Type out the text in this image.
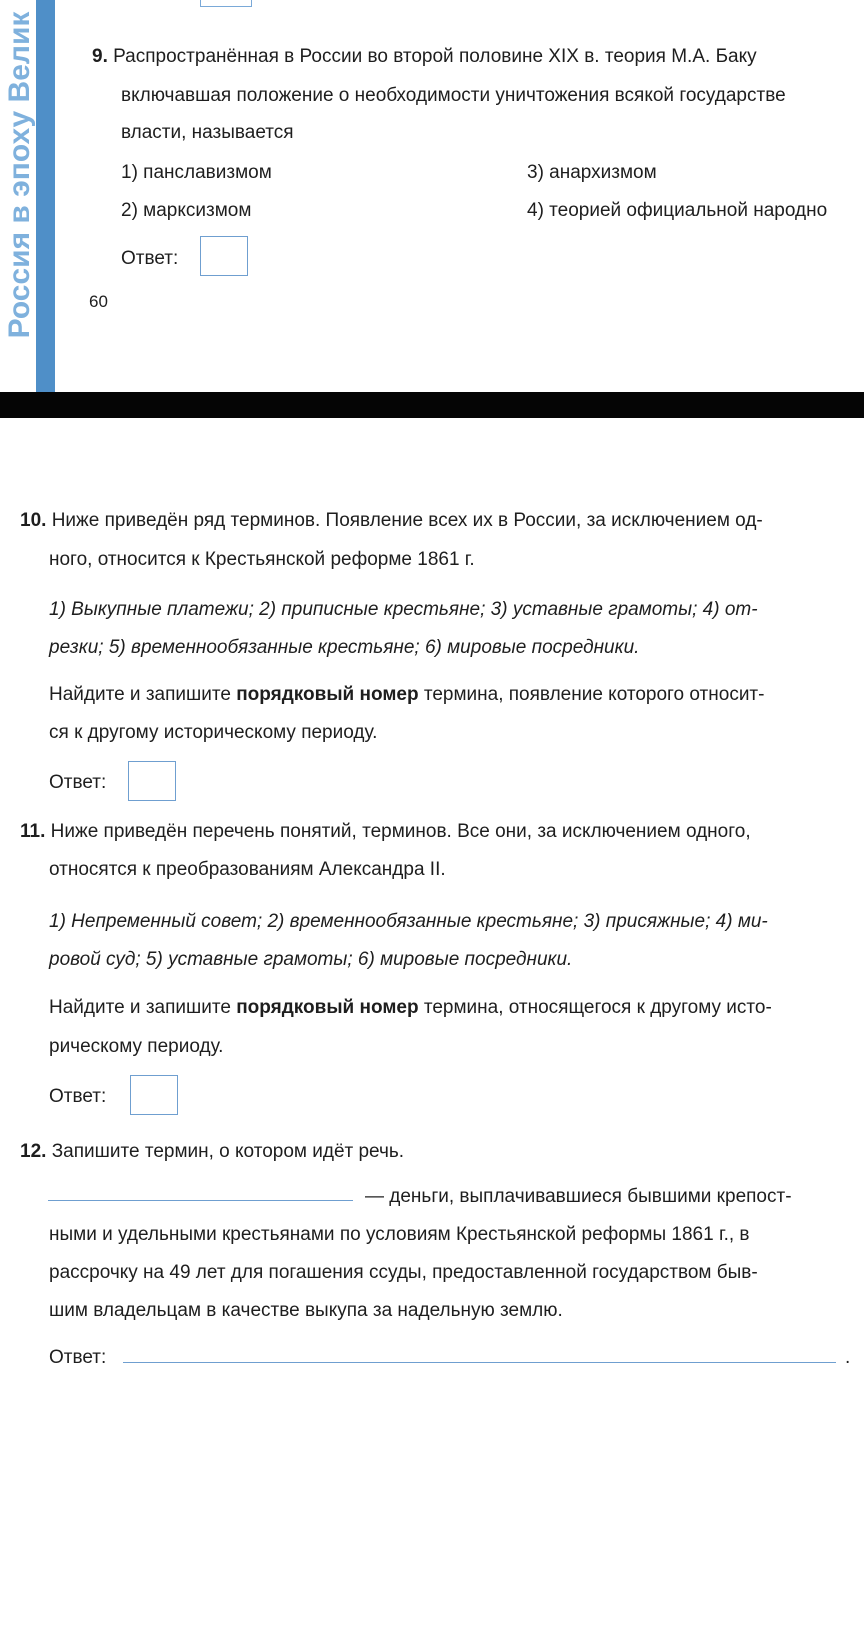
Россия в эпоху Велик	9. Распространённая в России во второй половине XIX в. теория М.А. Баку
включавшая положение о необходимости уничтожения всякой государстве
власти, называется
1) панславизмом	3) анархизмом
2) марксизмом	4) теорией официальной народно
Ответ:
60
10. Ниже приведён ряд терминов. Появление всех их в России, за исключением од-
ного, относится к Крестьянской реформе 1861 г.
1) Выкупные платежи; 2) приписные крестьяне; 3) уставные грамоты; 4) от-
резки; 5) временнообязанные крестьяне; 6) мировые посредники.
Найдите и запишите порядковый номер термина, появление которого относит-
ся к другому историческому периоду.
Ответ:
11. Ниже приведён перечень понятий, терминов. Все они, за исключением одного,
относятся к преобразованиям Александра II.
1) Непременный совет; 2) временнообязанные крестьяне; 3) присяжные; 4) ми-
ровой суд; 5) уставные грамоты; 6) мировые посредники.
Найдите и запишите порядковый номер термина, относящегося к другому исто-
рическому периоду.
Ответ:
12. Запишите термин, о котором идёт речь.
— деньги, выплачивавшиеся бывшими крепост-
ными и удельными крестьянами по условиям Крестьянской реформы 1861 г., в
рассрочку на 49 лет для погашения ссуды, предоставленной государством быв-
шим владельцам в качестве выкупа за надельную землю.
Ответ:	.
